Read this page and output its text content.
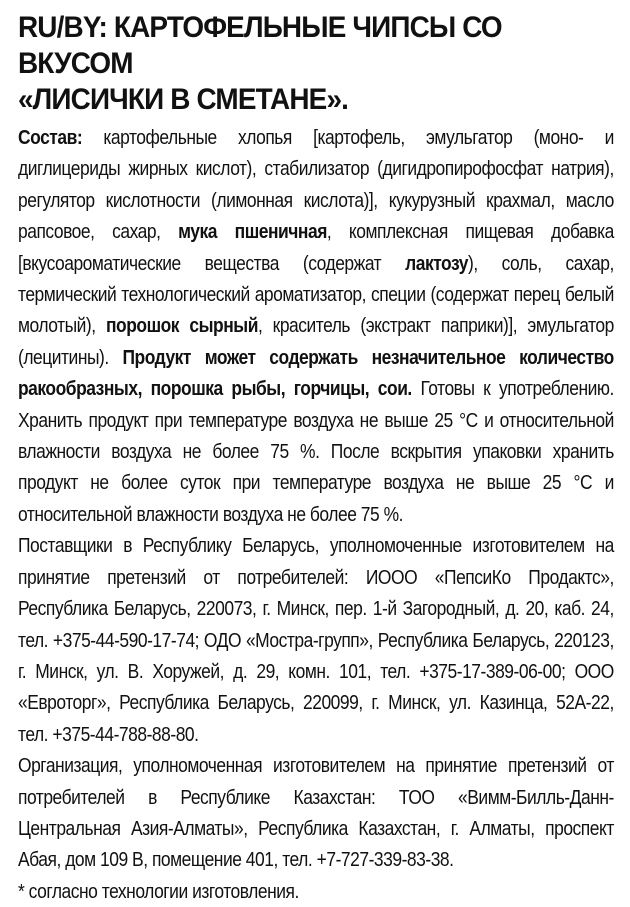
RU/BY: КАРТОФЕЛЬНЫЕ ЧИПСЫ СО ВКУСОМ
«ЛИСИЧКИ В СМЕТАНЕ».

Состав: картофельные хлопья [картофель, эмульгатор (моно- и диглицериды жирных кислот), стабилизатор (дигидропирофосфат натрия), регулятор кислотности (лимонная кислота)], кукурузный крахмал, масло рапсовое, сахар, мука пшеничная, комплексная пищевая добавка [вкусоароматические вещества (содержат лактозу), соль, сахар, термический технологический ароматизатор, специи (содержат перец белый молотый), порошок сырный, краситель (экстракт паприки)], эмульгатор (лецитины). Продукт может содержать незначительное количество ракообразных, порошка рыбы, горчицы, сои. Готовы к употреблению. Хранить продукт при температуре воздуха не выше 25 °С и относительной влажности воздуха не более 75 %. После вскрытия упаковки хранить продукт не более суток при температуре воздуха не выше 25 °С и относительной влажности воздуха не более 75 %.

Поставщики в Республику Беларусь, уполномоченные изготовителем на принятие претензий от потребителей: ИООО «ПепсиКо Продактс», Республика Беларусь, 220073, г. Минск, пер. 1-й Загородный, д. 20, каб. 24, тел. +375-44-590-17-74; ОДО «Мостра-групп», Республика Беларусь, 220123, г. Минск, ул. В. Хоружей, д. 29, комн. 101, тел. +375-17-389-06-00; ООО «Евроторг», Республика Беларусь, 220099, г. Минск, ул. Казинца, 52А-22, тел. +375-44-788-88-80.

Организация, уполномоченная изготовителем на принятие претензий от потребителей в Республике Казахстан: ТОО «Вимм-Билль-Данн-Центральная Азия-Алматы», Республика Казахстан, г. Алматы, проспект Абая, дом 109 В, помещение 401, тел. +7-727-339-83-38.

* согласно технологии изготовления.
